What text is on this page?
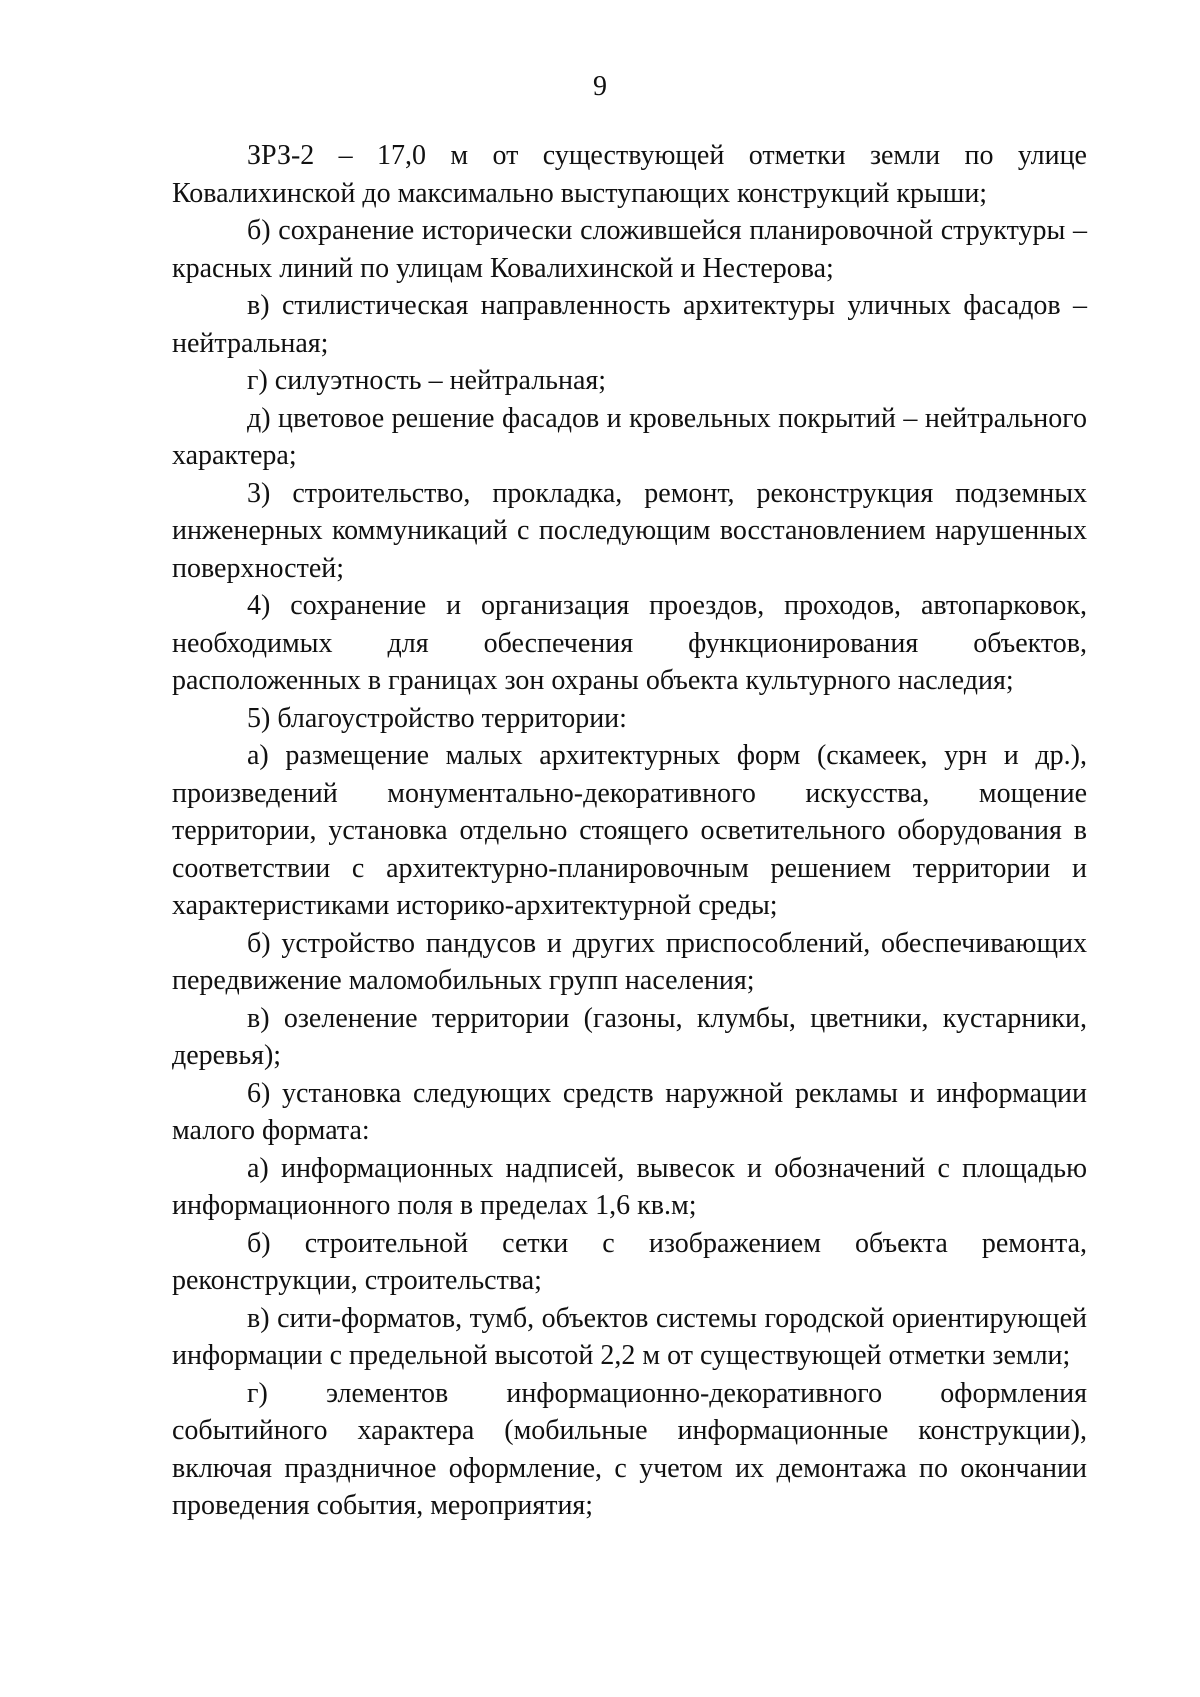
9

ЗРЗ-2 – 17,0 м от существующей отметки земли по улице Ковалихинской до максимально выступающих конструкций крыши;

б) сохранение исторически сложившейся планировочной структуры – красных линий по улицам Ковалихинской и Нестерова;

в) стилистическая направленность архитектуры уличных фасадов – нейтральная;

г) силуэтность – нейтральная;

д) цветовое решение фасадов и кровельных покрытий – нейтрального характера;

3) строительство, прокладка, ремонт, реконструкция подземных инженерных коммуникаций с последующим восстановлением нарушенных поверхностей;

4) сохранение и организация проездов, проходов, автопарковок, необходимых для обеспечения функционирования объектов, расположенных в границах зон охраны объекта культурного наследия;

5) благоустройство территории:

а) размещение малых архитектурных форм (скамеек, урн и др.), произведений монументально-декоративного искусства, мощение территории, установка отдельно стоящего осветительного оборудования в соответствии с архитектурно-планировочным решением территории и характеристиками историко-архитектурной среды;

б) устройство пандусов и других приспособлений, обеспечивающих передвижение маломобильных групп населения;

в) озеленение территории (газоны, клумбы, цветники, кустарники, деревья);

6) установка следующих средств наружной рекламы и информации малого формата:

а) информационных надписей, вывесок и обозначений с площадью информационного поля в пределах 1,6 кв.м;

б) строительной сетки с изображением объекта ремонта, реконструкции, строительства;

в) сити-форматов, тумб, объектов системы городской ориентирующей информации с предельной высотой 2,2 м от существующей отметки земли;

г) элементов информационно-декоративного оформления событийного характера (мобильные информационные конструкции), включая праздничное оформление, с учетом их демонтажа по окончании проведения события, мероприятия;
